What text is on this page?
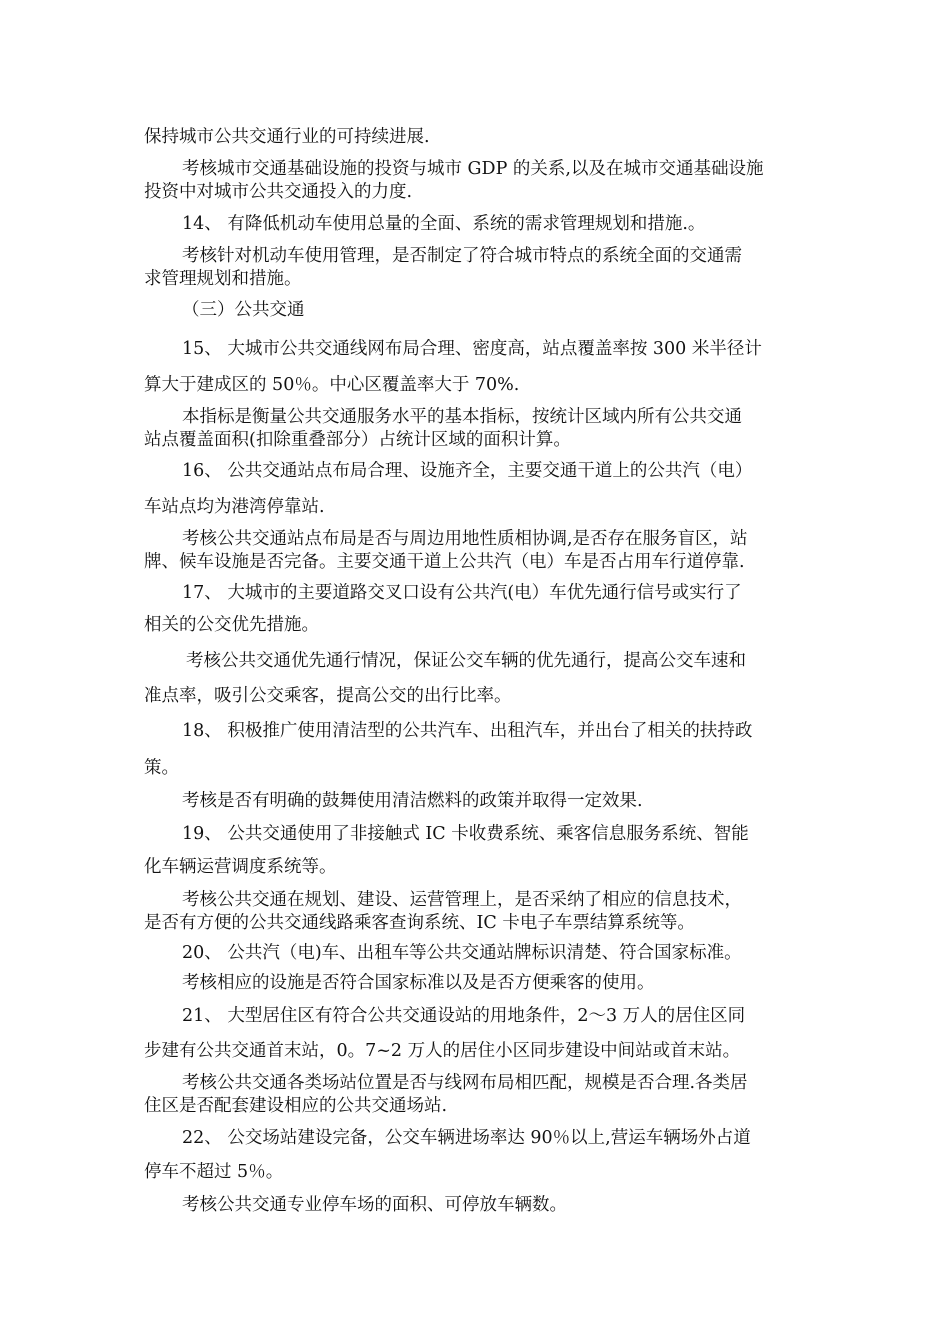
保持城市公共交通行业的可持续进展.
考核城市交通基础设施的投资与城市 GDP 的关系,以及在城市交通基础设施
投资中对城市公共交通投入的力度.
14、 有降低机动车使用总量的全面、系统的需求管理规划和措施.。
考核针对机动车使用管理，是否制定了符合城市特点的系统全面的交通需
求管理规划和措施。
（三）公共交通
15、 大城市公共交通线网布局合理、密度高，站点覆盖率按 300 米半径计
算大于建成区的 50％。中心区覆盖率大于 70%.
本指标是衡量公共交通服务水平的基本指标，按统计区域内所有公共交通
站点覆盖面积(扣除重叠部分）占统计区域的面积计算。
16、 公共交通站点布局合理、设施齐全，主要交通干道上的公共汽（电）
车站点均为港湾停靠站.
考核公共交通站点布局是否与周边用地性质相协调,是否存在服务盲区，站
牌、候车设施是否完备。主要交通干道上公共汽（电）车是否占用车行道停靠.
17、 大城市的主要道路交叉口设有公共汽(电）车优先通行信号或实行了
相关的公交优先措施。
考核公共交通优先通行情况，保证公交车辆的优先通行，提高公交车速和
准点率，吸引公交乘客，提高公交的出行比率。
18、 积极推广使用清洁型的公共汽车、出租汽车，并出台了相关的扶持政
策。
考核是否有明确的鼓舞使用清洁燃料的政策并取得一定效果.
19、 公共交通使用了非接触式 IC 卡收费系统、乘客信息服务系统、智能
化车辆运营调度系统等。
考核公共交通在规划、建设、运营管理上，是否采纳了相应的信息技术，
是否有方便的公共交通线路乘客查询系统、IC 卡电子车票结算系统等。
20、 公共汽（电)车、出租车等公共交通站牌标识清楚、符合国家标准。
考核相应的设施是否符合国家标准以及是否方便乘客的使用。
21、 大型居住区有符合公共交通设站的用地条件，2～3 万人的居住区同
步建有公共交通首末站，0。7~2 万人的居住小区同步建设中间站或首末站。
考核公共交通各类场站位置是否与线网布局相匹配，规模是否合理.各类居
住区是否配套建设相应的公共交通场站.
22、 公交场站建设完备，公交车辆进场率达 90％以上,营运车辆场外占道
停车不超过 5％。
考核公共交通专业停车场的面积、可停放车辆数。
